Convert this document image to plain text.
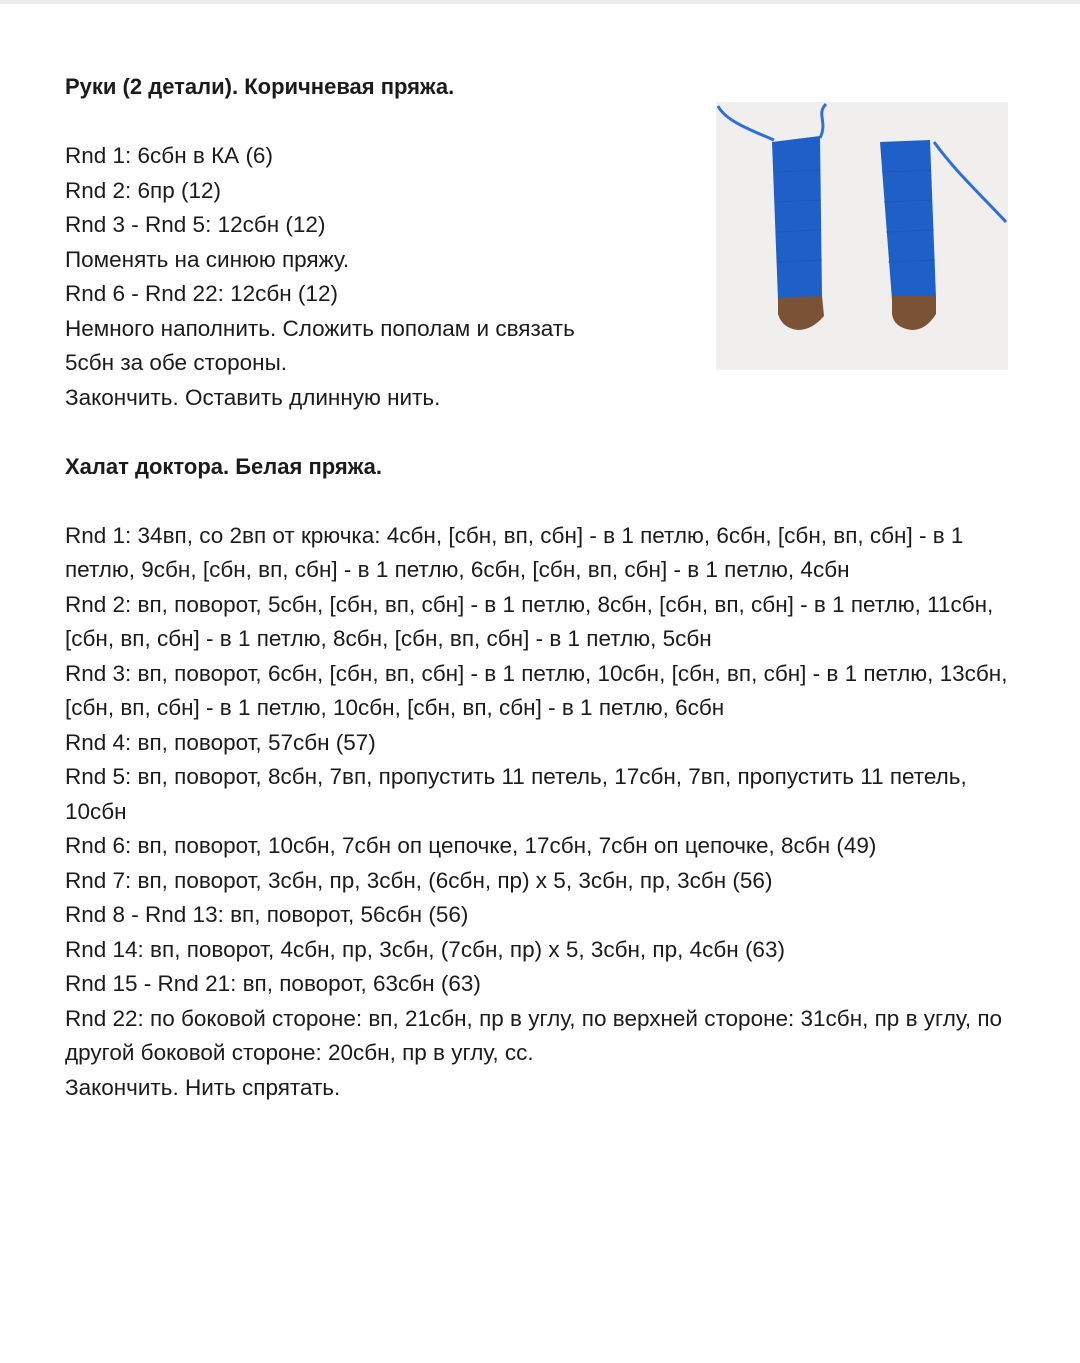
Руки (2 детали). Коричневая пряжа.

Rnd 1: 6сбн в КА (6)

Rnd 2: 6пр (12)

Rnd 3 - Rnd 5: 12сбн (12)

Поменять на синюю пряжу.

Rnd 6 - Rnd 22: 12сбн (12)

Немного наполнить. Сложить пополам и связать

5сбн за обе стороны.

Закончить. Оставить длинную нить.

Халат доктора. Белая пряжа.

Rnd 1: 34вп, со 2вп от крючка: 4сбн, [сбн, вп, сбн] - в 1 петлю, 6сбн, [сбн, вп, сбн] - в 1 петлю, 9сбн, [сбн, вп, сбн] - в 1 петлю, 6сбн, [сбн, вп, сбн] - в 1 петлю, 4сбн

Rnd 2: вп, поворот, 5сбн, [сбн, вп, сбн] - в 1 петлю, 8сбн, [сбн, вп, сбн] - в 1 петлю, 11сбн, [сбн, вп, сбн] - в 1 петлю, 8сбн, [сбн, вп, сбн] - в 1 петлю, 5сбн

Rnd 3: вп, поворот, 6сбн, [сбн, вп, сбн] - в 1 петлю, 10сбн, [сбн, вп, сбн] - в 1 петлю, 13сбн, [сбн, вп, сбн] - в 1 петлю, 10сбн, [сбн, вп, сбн] - в 1 петлю, 6сбн

Rnd 4: вп, поворот, 57сбн (57)

Rnd 5: вп, поворот, 8сбн, 7вп, пропустить 11 петель, 17сбн, 7вп, пропустить 11 петель, 10сбн

Rnd 6: вп, поворот, 10сбн, 7сбн оп цепочке, 17сбн, 7сбн оп цепочке, 8сбн (49)

Rnd 7: вп, поворот, 3сбн, пр, 3сбн, (6сбн, пр) x 5, 3сбн, пр, 3сбн (56)

Rnd 8 - Rnd 13: вп, поворот, 56сбн (56)

Rnd 14: вп, поворот, 4сбн, пр, 3сбн, (7сбн, пр) x 5, 3сбн, пр, 4сбн (63)

Rnd 15 - Rnd 21: вп, поворот, 63сбн (63)

Rnd 22: по боковой стороне: вп, 21сбн, пр в углу, по верхней стороне: 31сбн, пр в углу, по другой боковой стороне: 20сбн, пр в углу, сс.

Закончить. Нить спрятать.
